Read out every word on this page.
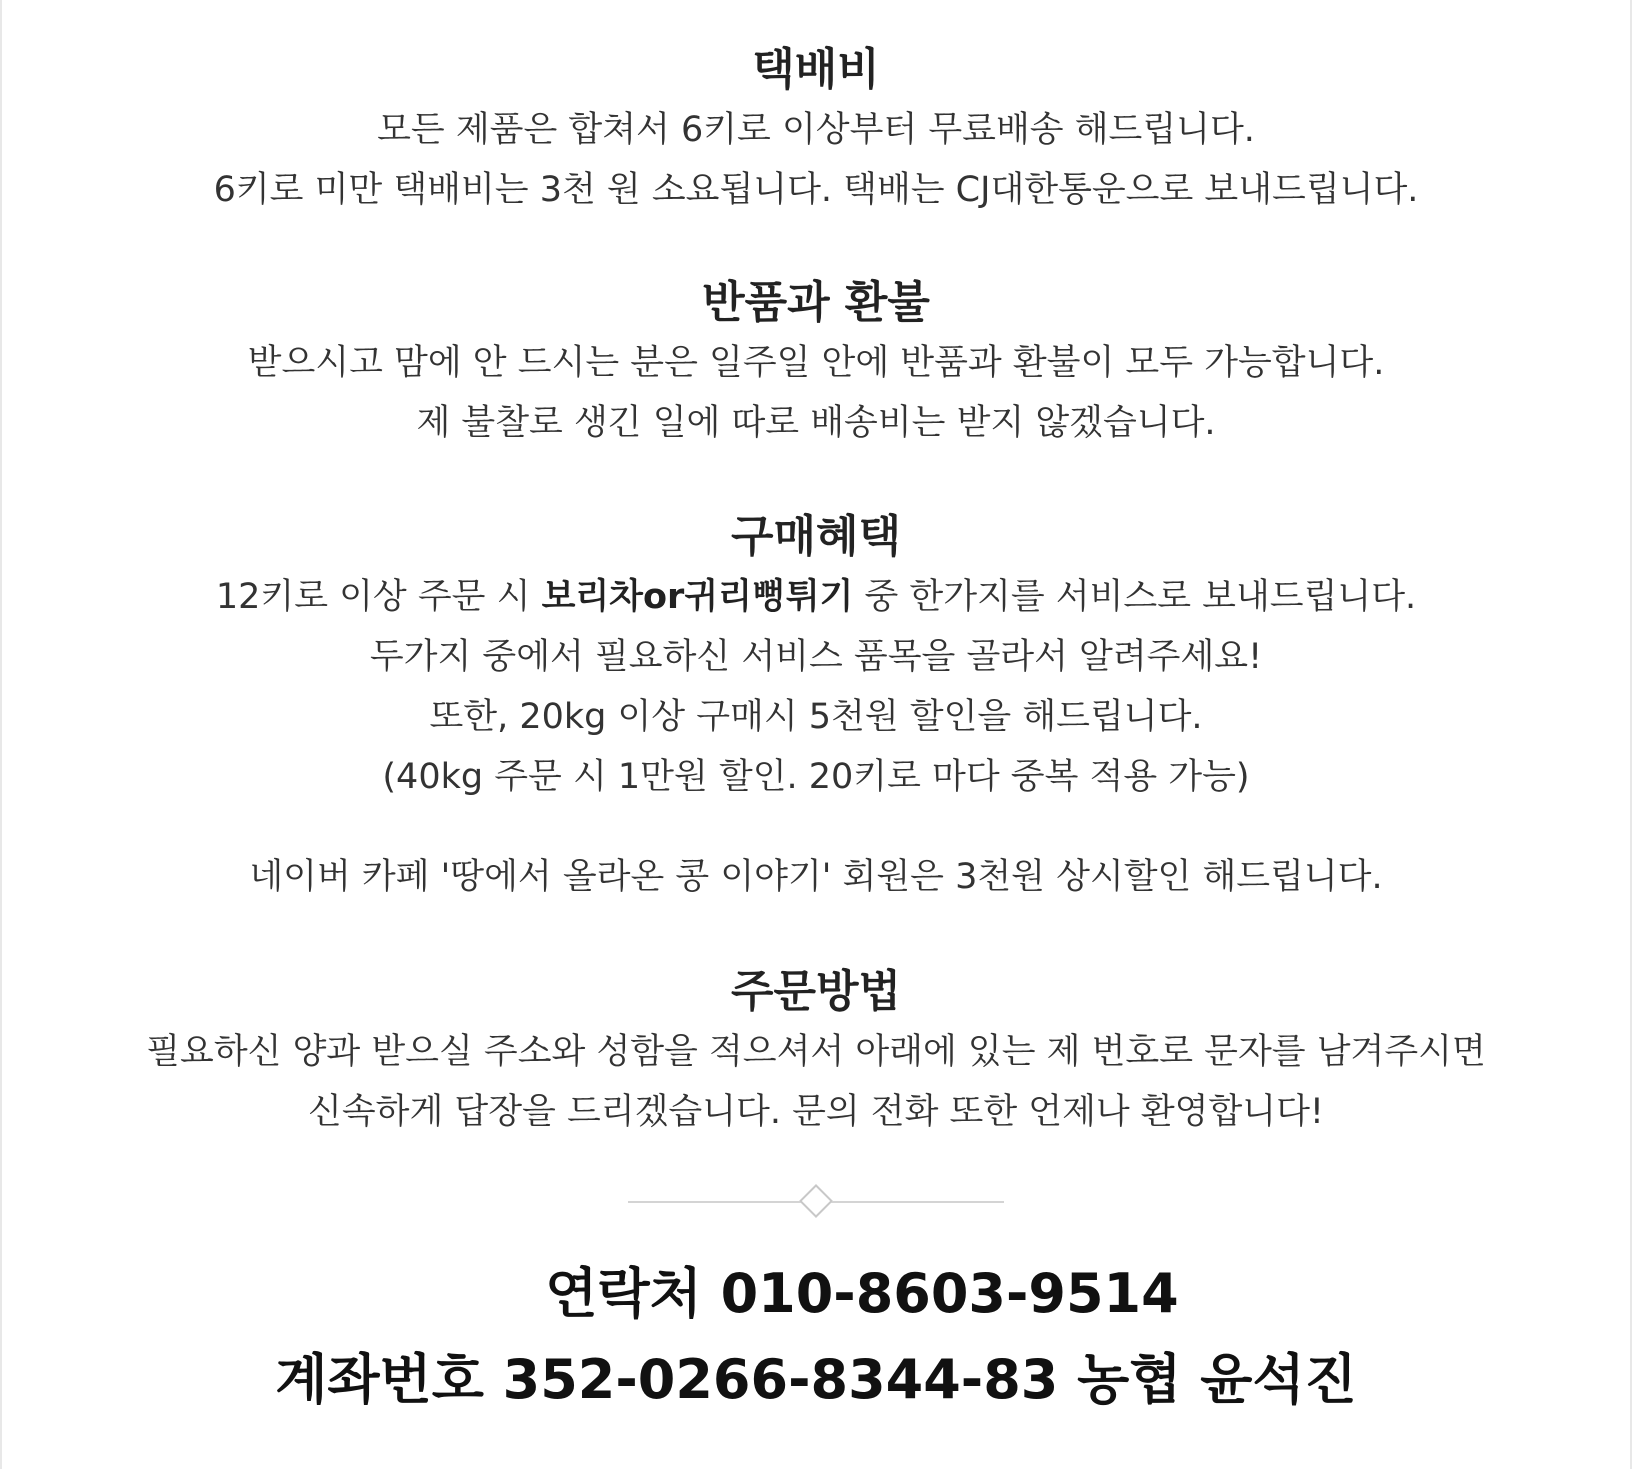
택배비
모든 제품은 합쳐서 6키로 이상부터 무료배송 해드립니다.
6키로 미만 택배비는 3천 원 소요됩니다. 택배는 CJ대한통운으로 보내드립니다.
반품과 환불
받으시고 맘에 안 드시는 분은 일주일 안에 반품과 환불이 모두 가능합니다.
제 불찰로 생긴 일에 따로 배송비는 받지 않겠습니다.
구매혜택
12키로 이상 주문 시 보리차or귀리뻥튀기 중 한가지를 서비스로 보내드립니다.
두가지 중에서 필요하신 서비스 품목을 골라서 알려주세요!
또한, 20kg 이상 구매시 5천원 할인을 해드립니다.
(40kg 주문 시 1만원 할인. 20키로 마다 중복 적용 가능)
네이버 카페 '땅에서 올라온 콩 이야기' 회원은 3천원 상시할인 해드립니다.
주문방법
필요하신 양과 받으실 주소와 성함을 적으셔서 아래에 있는 제 번호로 문자를 남겨주시면
신속하게 답장을 드리겠습니다. 문의 전화 또한 언제나 환영합니다!
연락처 010-8603-9514
계좌번호 352-0266-8344-83 농협 윤석진
